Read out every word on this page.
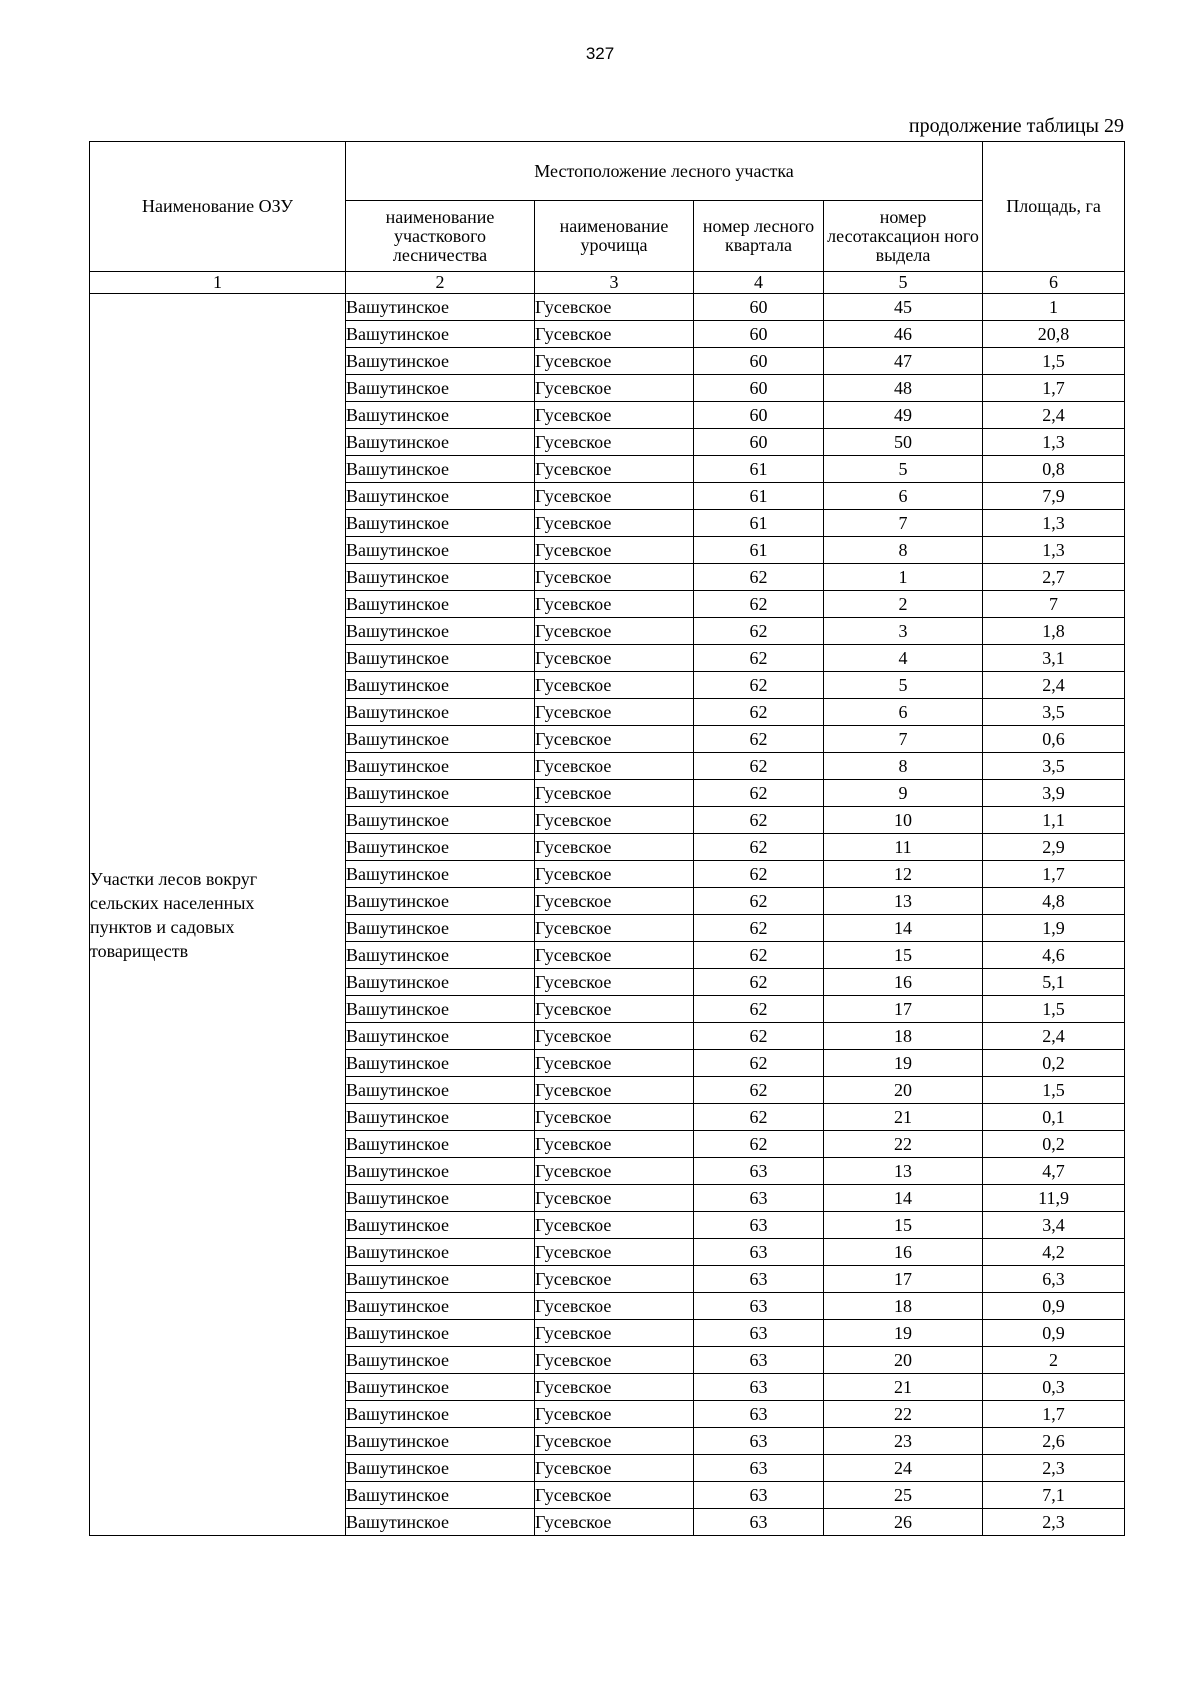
327
продолжение таблицы 29
Наименование ОЗУ	Местоположение лесного участка				Площадь, га
	наименование участкового лесничества	наименование урочища	номер лесного квартала	номер лесотаксацион ного выдела	
1	2	3	4	5	6

Участки лесов вокруг
сельских населенных
пунктов и садовых
товариществ	Вашутинское	Гусевское	60	45	1
	Вашутинское	Гусевское	60	46	20,8
	Вашутинское	Гусевское	60	47	1,5
	Вашутинское	Гусевское	60	48	1,7
	Вашутинское	Гусевское	60	49	2,4
	Вашутинское	Гусевское	60	50	1,3
	Вашутинское	Гусевское	61	5	0,8
	Вашутинское	Гусевское	61	6	7,9
	Вашутинское	Гусевское	61	7	1,3
	Вашутинское	Гусевское	61	8	1,3
	Вашутинское	Гусевское	62	1	2,7
	Вашутинское	Гусевское	62	2	7
	Вашутинское	Гусевское	62	3	1,8
	Вашутинское	Гусевское	62	4	3,1
	Вашутинское	Гусевское	62	5	2,4
	Вашутинское	Гусевское	62	6	3,5
	Вашутинское	Гусевское	62	7	0,6
	Вашутинское	Гусевское	62	8	3,5
	Вашутинское	Гусевское	62	9	3,9
	Вашутинское	Гусевское	62	10	1,1
	Вашутинское	Гусевское	62	11	2,9
	Вашутинское	Гусевское	62	12	1,7
	Вашутинское	Гусевское	62	13	4,8
	Вашутинское	Гусевское	62	14	1,9
	Вашутинское	Гусевское	62	15	4,6
	Вашутинское	Гусевское	62	16	5,1
	Вашутинское	Гусевское	62	17	1,5
	Вашутинское	Гусевское	62	18	2,4
	Вашутинское	Гусевское	62	19	0,2
	Вашутинское	Гусевское	62	20	1,5
	Вашутинское	Гусевское	62	21	0,1
	Вашутинское	Гусевское	62	22	0,2
	Вашутинское	Гусевское	63	13	4,7
	Вашутинское	Гусевское	63	14	11,9
	Вашутинское	Гусевское	63	15	3,4
	Вашутинское	Гусевское	63	16	4,2
	Вашутинское	Гусевское	63	17	6,3
	Вашутинское	Гусевское	63	18	0,9
	Вашутинское	Гусевское	63	19	0,9
	Вашутинское	Гусевское	63	20	2
	Вашутинское	Гусевское	63	21	0,3
	Вашутинское	Гусевское	63	22	1,7
	Вашутинское	Гусевское	63	23	2,6
	Вашутинское	Гусевское	63	24	2,3
	Вашутинское	Гусевское	63	25	7,1
	Вашутинское	Гусевское	63	26	2,3
